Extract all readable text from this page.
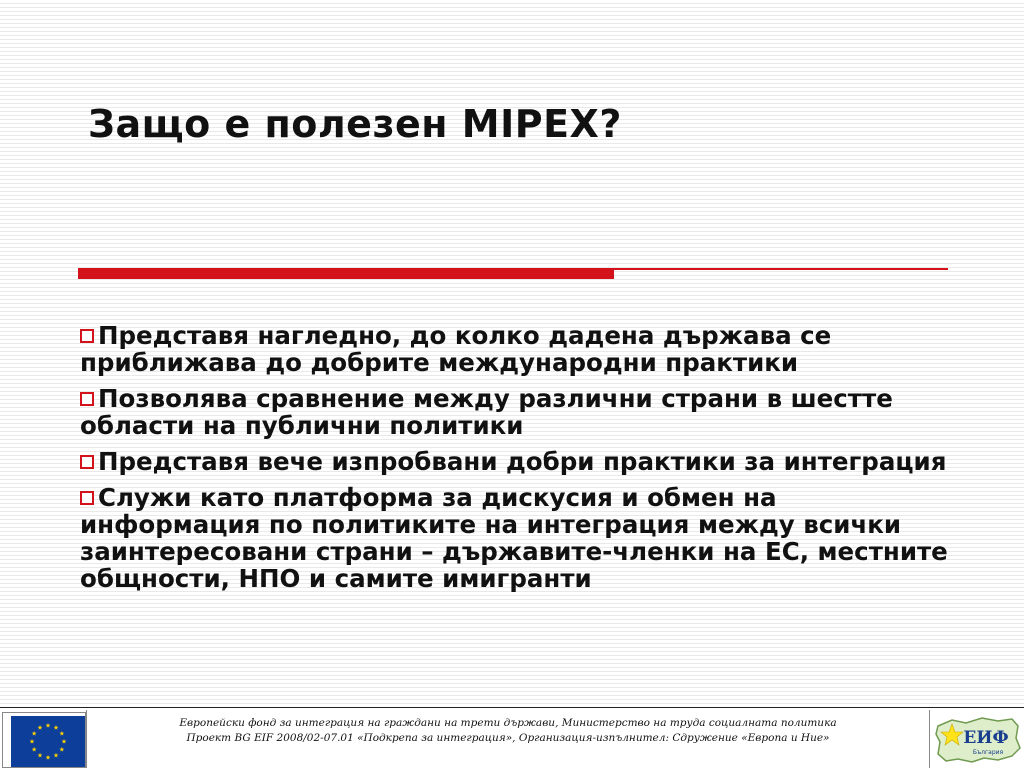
Защо е полезен MIPEX?
Представя нагледно, до колко дадена държава се приближава до добрите международни практики
Позволява сравнение между различни страни в шестте области на публични политики
Представя вече изпробвани добри практики за интеграция
Служи като платформа за дискусия и обмен на информация по политиките на интеграция между всички заинтересовани страни – държавите-членки на ЕС, местните общности, НПО и самите имигранти
Европейски фонд за интеграция на граждани на трети държави, Министерство на труда социалната политика
Проект BG EIF 2008/02-07.01 «Подкрепа за интеграция», Организация-изпълнител: Сдружение «Европа и Ние»	ЕИФ
България
